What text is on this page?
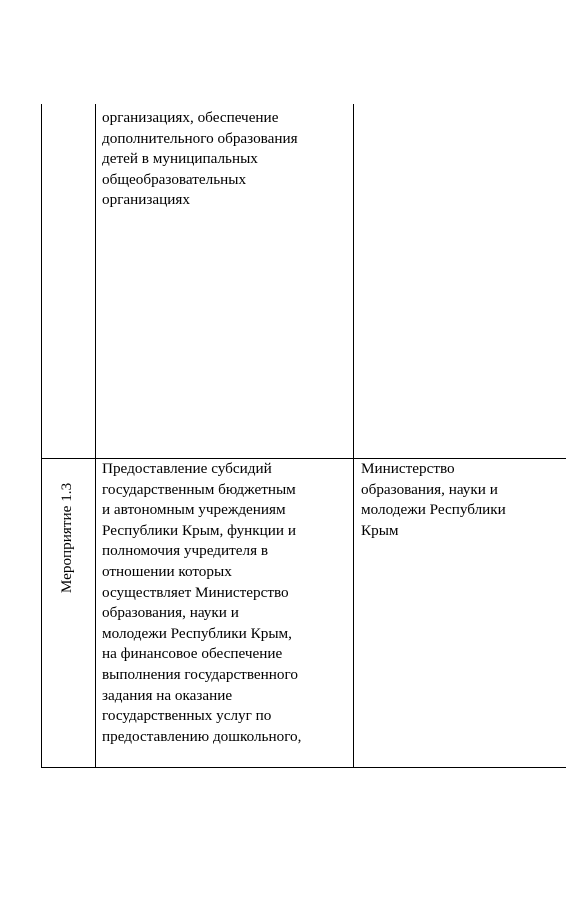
организациях, обеспечение
дополнительного образования
детей в муниципальных
общеобразовательных
организациях
Мероприятие 1.3
Предоставление субсидий
государственным бюджетным
и автономным учреждениям
Республики Крым, функции и
полномочия учредителя в
отношении которых
осуществляет Министерство
образования, науки и
молодежи Республики Крым,
на финансовое обеспечение
выполнения государственного
задания на оказание
государственных услуг по
предоставлению дошкольного,
Министерство
образования, науки и
молодежи Республики
Крым
